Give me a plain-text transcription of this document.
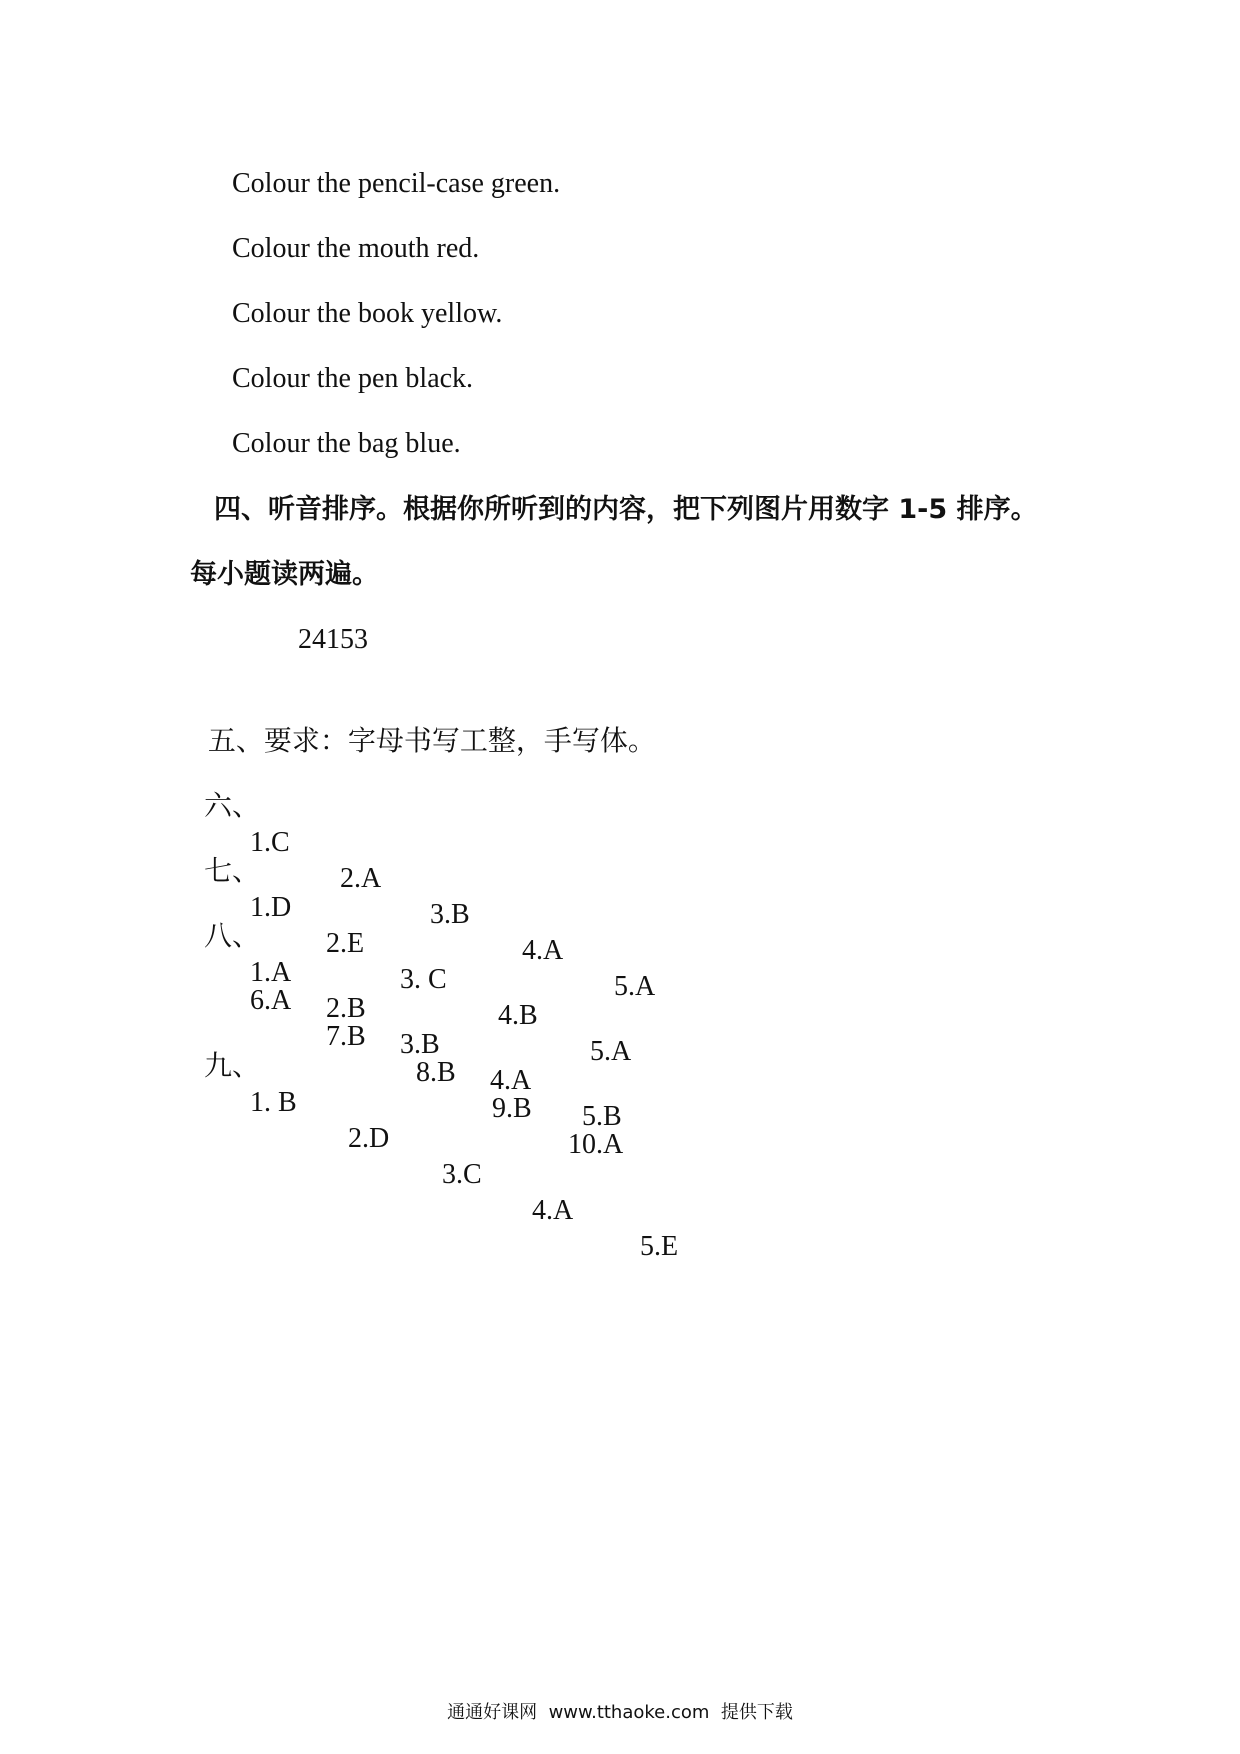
Colour the pencil-case green.
Colour the mouth red.
Colour the book yellow.
Colour the pen black.
Colour the bag blue.
四、听音排序。根据你所听到的内容，把下列图片用数字 1-5 排序。
每小题读两遍。
24153

五、要求：字母书写工整，手写体。

六、

1.C

2.A

3.B

4.A

5.A

七、

1.D

2.E

3. C

4.B

5.A

八、

1.A

2.B

3.B

4.A

5.B

6.A

7.B

8.B

9.B

10.A

九、

1. B

2.D

3.C

4.A

5.E

通通好课网  www.tthaoke.com  提供下载
